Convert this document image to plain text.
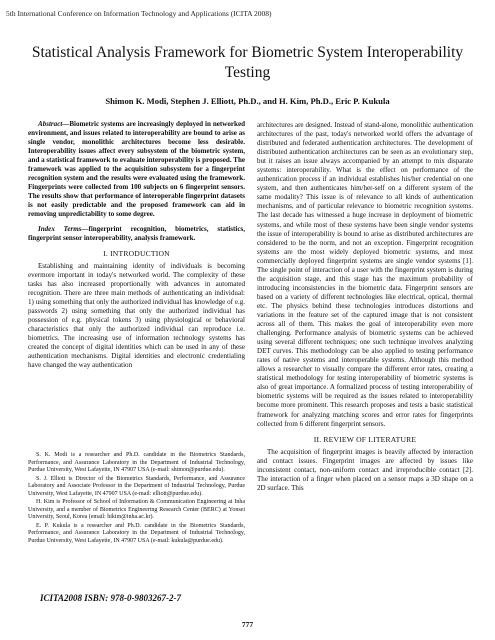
5th International Conference on Information Technology and Applications (ICITA 2008)
Statistical Analysis Framework for Biometric System Interoperability Testing
Shimon K. Modi, Stephen J. Elliott, Ph.D., and H. Kim, Ph.D., Eric P. Kukula

Abstract—Biometric systems are increasingly deployed in networked environment, and issues related to interoperability are bound to arise as single vendor, monolithic architectures become less desirable. Interoperability issues affect every subsystem of the biometric system, and a statistical framework to evaluate interoperability is proposed. The framework was applied to the acquisition subsystem for a fingerprint recognition system and the results were evaluated using the framework. Fingerprints were collected from 100 subjects on 6 fingerprint sensors. The results show that performance of interoperable fingerprint datasets is not easily predictable and the proposed framework can aid in removing unpredictability to some degree.

Index Terms—fingerprint recognition, biometrics, statistics, fingerprint sensor interoperability, analysis framework.

I. INTRODUCTION

Establishing and maintaining identity of individuals is becoming evermore important in today's networked world. The complexity of these tasks has also increased proportionally with advances in automated recognition. There are three main methods of authenticating an individual: 1) using something that only the authorized individual has knowledge of e.g. passwords 2) using something that only the authorized individual has possession of e.g. physical tokens 3) using physiological or behavioral characteristics that only the authorized individual can reproduce i.e. biometrics. The increasing use of information technology systems has created the concept of digital identities which can be used in any of these authentication mechanisms. Digital identities and electronic credentialing have changed the way authentication

S. K. Modi is a researcher and Ph.D. candidate in the Biometrics Standards, Performance, and Assurance Laboratory in the Department of Industrial Technology, Purdue University, West Lafayette, IN 47907 USA (e-mail: shimon@purdue.edu).

S. J. Elliott is Director of the Biometrics Standards, Performance, and Assurance Laboratory and Associate Professor in the Department of Industrial Technology, Purdue University, West Lafayette, IN 47907 USA (e-mail: elliott@purdue.edu).

H. Kim is Professor of School of Information & Communication Engineering at Inha University, and a member of Biometrics Engineering Research Center (BERC) at Yonsei University, Seoul, Korea (email: hikim@inha.ac.kr).

E. P. Kukula is a researcher and Ph.D. candidate in the Biometrics Standards, Performance, and Assurance Laboratory in the Department of Industrial Technology, Purdue University, West Lafayette, IN 47907 USA (e-mail: kukula@purdue.edu).

ICITA2008 ISBN: 978-0-9803267-2-7

architectures are designed. Instead of stand-alone, monolithic authentication architectures of the past, today's networked world offers the advantage of distributed and federated authentication architectures. The development of distributed authentication architectures can be seen as an evolutionary step, but it raises an issue always accompanied by an attempt to mix disparate systems: interoperability. What is the effect on performance of the authentication process if an individual establishes his/her credential on one system, and then authenticates him/her-self on a different system of the same modality? This issue is of relevance to all kinds of authentication mechanisms, and of particular relevance to biometric recognition systems. The last decade has witnessed a huge increase in deployment of biometric systems, and while most of these systems have been single vendor systems the issue of interoperability is bound to arise as distributed architectures are considered to be the norm, and not an exception. Fingerprint recognition systems are the most widely deployed biometric systems, and most commercially deployed fingerprint systems are single vendor systems [1]. The single point of interaction of a user with the fingerprint system is during the acquisition stage, and this stage has the maximum probability of introducing inconsistencies in the biometric data. Fingerprint sensors are based on a variety of different technologies like electrical, optical, thermal etc. The physics behind these technologies introduces distortions and variations in the feature set of the captured image that is not consistent across all of them. This makes the goal of interoperability even more challenging. Performance analysis of biometric systems can be achieved using several different techniques; one such technique involves analyzing DET curves. This methodology can be also applied to testing performance rates of native systems and interoperable systems. Although this method allows a researcher to visually compare the different error rates, creating a statistical methodology for testing interoperability of biometric systems is also of great importance. A formalized process of testing interoperability of biometric systems will be required as the issues related to interoperability become more prominent. This research proposes and tests a basic statistical framework for analyzing matching scores and error rates for fingerprints collected from 6 different fingerprint sensors.

II. REVIEW OF LITERATURE

The acquisition of fingerprint images is heavily affected by interaction and contact issues. Fingerprint images are affected by issues like inconsistent contact, non-uniform contact and irreproducible contact [2]. The interaction of a finger when placed on a sensor maps a 3D shape on a 2D surface. This

777
